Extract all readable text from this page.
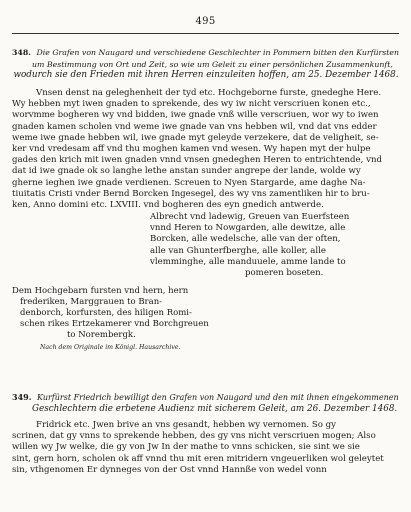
495
348. Die Grafen von Naugard und verschiedene Geschlechter in Pommern bitten den Kurfürsten
um Bestimmung von Ort und Zeit, so wie um Geleit zu einer persönlichen Zusammenkunft,
wodurch sie den Frieden mit ihren Herren einzuleiten hoffen, am 25. Dezember 1468.
Vnsen denst na geleghenheit der tyd etc. Hochgeborne furste, gnedeghe Here.
Wy hebben myt iwen gnaden to sprekende, des wy iw nicht verscriuen konen etc.,
worvmme bogheren wy vnd bidden, iwe gnade vnß wille verscriuen, wor wy to iwen
gnaden kamen scholen vnd weme iwe gnade van vns hebben wil, vnd dat vns edder
weme iwe gnade hebben wil, iwe gnade myt geleyde verzekere, dat de veligheit, se-
ker vnd vredesam aff vnd thu moghen kamen vnd wesen. Wy hapen myt der hulpe
gades den krich mit iwen gnaden vnnd vnsen gnedeghen Heren to entrichtende, vnd
dat id iwe gnade ok so langhe lethe anstan sunder angrepe der lande, wolde wy
gherne ieghen iwe gnade verdienen. Screuen to Nyen Stargarde, ame daghe Na-
tiuitatis Cristi vnder Bernd Borcken Ingesegel, des wy vns zamentliken hir to bru-
ken, Anno domini etc. LXVIII. vnd bogheren des eyn gnedich antwerde.
Albrecht vnd ladewig, Greuen van Euerfsteen
vnnd Heren to Nowgarden, alle dewitze, alle
Borcken, alle wedelsche, alle van der often,
alle van Ghunterfberghe, alle koller, alle
vlemminghe, alle manduuele, amme lande to
pomeren boseten.
Dem Hochgebarn fursten vnd hern, hern
frederiken, Marggrauen to Bran-
denborch, korfursten, des hiligen Romi-
schen rikes Ertzekamerer vnd Borchgreuen
to Norembergk.
Nach dem Originale im Königl. Hausarchive.
349. Kurfürst Friedrich bewilligt den Grafen von Naugard und den mit ihnen eingekommenen
Geschlechtern die erbetene Audienz mit sicherem Geleit, am 26. Dezember 1468.
Fridrick etc. Jwen brive an vns gesandt, hebben wy vernomen. So gy
scrinen, dat gy vnns to sprekende hebben, des gy vns nicht verscriuen mogen; Also
willen wy Jw welke, die gy von Jw In der mathe to vnns schicken, sie sint we sie
sint, gern horn, scholen ok aff vnnd thu mit eren mitridern vngeuerliken wol geleytet
sin, vthgenomen Er dynneges von der Ost vnnd Hannße von wedel vonn
